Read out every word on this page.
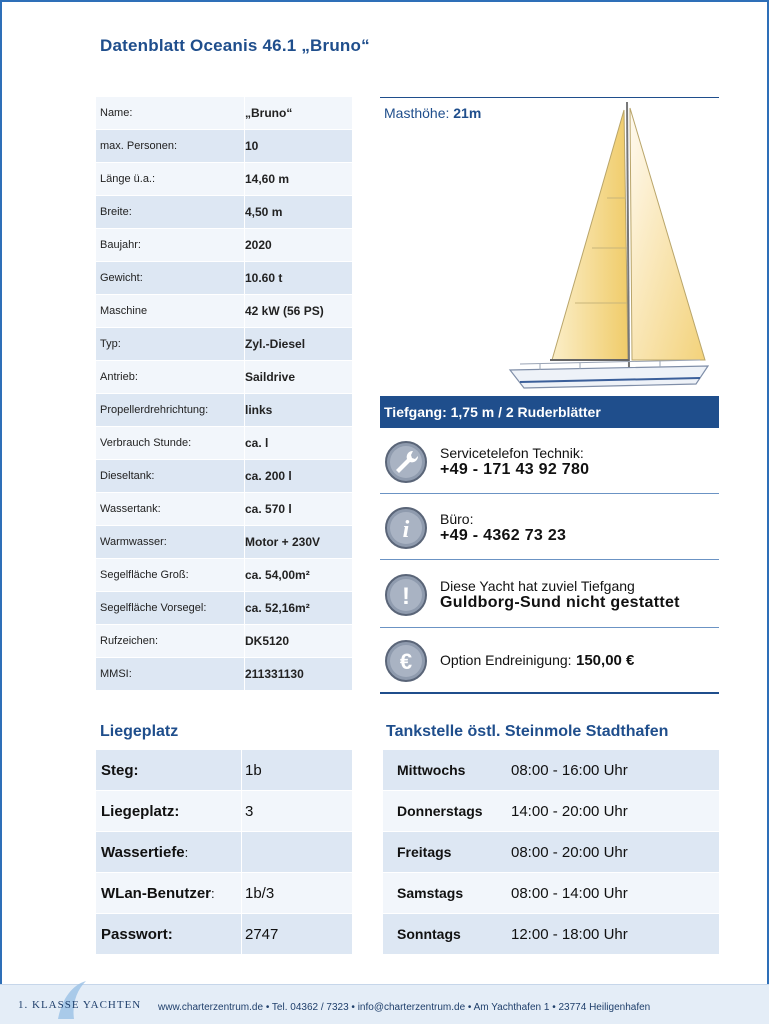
Datenblatt Oceanis 46.1 „Bruno“
Name:	„Bruno“
max. Personen:	10
Länge ü.a.:	14,60 m
Breite:	4,50 m
Baujahr:	2020
Gewicht:	10.60 t
Maschine	42 kW (56 PS)
Typ:	Zyl.-Diesel
Antrieb:	Saildrive
Propellerdrehrichtung:	links
Verbrauch Stunde:	ca. l
Dieseltank:	ca. 200 l
Wassertank:	ca. 570 l
Warmwasser:	Motor + 230V
Segelfläche Groß:	ca. 54,00m²
Segelfläche Vorsegel:	ca. 52,16m²
Rufzeichen:	DK5120
MMSI:	211331130
Masthöhe: 21m
Tiefgang: 1,75 m / 2 Ruderblätter
Servicetelefon Technik:
+49 - 171 43 92 780
i Büro:
+49 - 4362 73 23
! Diese Yacht hat zuviel Tiefgang
Guldborg-Sund nicht gestattet
€ Option Endreinigung: 150,00 €
Liegeplatz
Steg:	1b
Liegeplatz:	3
Wassertiefe:
WLan-Benutzer:	1b/3
Passwort:	2747
Tankstelle östl. Steinmole Stadthafen
Mittwochs	08:00 - 16:00 Uhr
Donnerstags	14:00 - 20:00 Uhr
Freitags	08:00 - 20:00 Uhr
Samstags	08:00 - 14:00 Uhr
Sonntags	12:00 - 18:00 Uhr
1. KLASSE YACHTEN www.charterzentrum.de • Tel. 04362 / 7323 • info@charterzentrum.de • Am Yachthafen 1 • 23774 Heiligenhafen
